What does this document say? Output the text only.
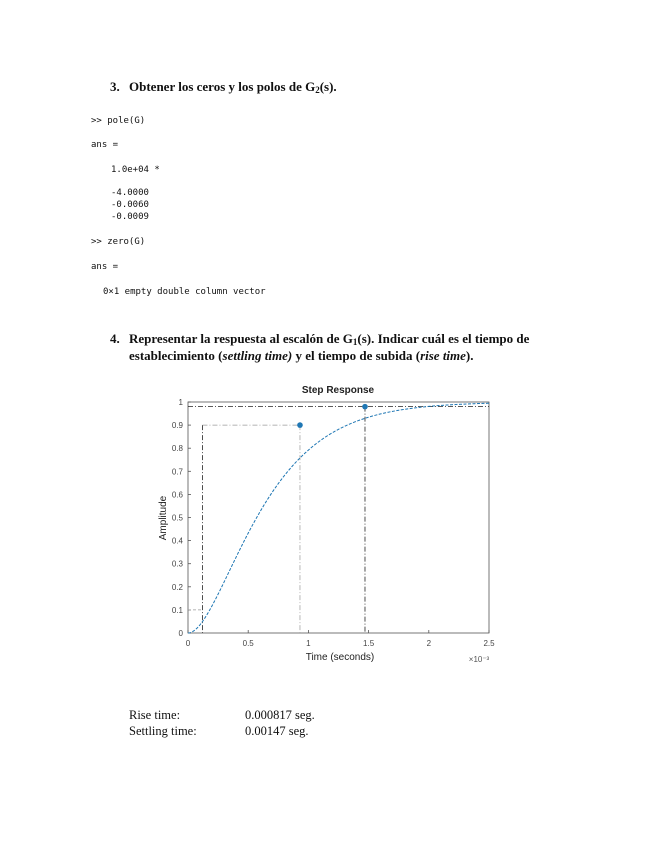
3. Obtener los ceros y los polos de $G_2(s)$.
>> pole(G)
ans =
1.0e+04 *
-4.0000
-0.0060
-0.0009
>> zero(G)
ans =
0×1 empty double column vector
4. Representar la respuesta al escalón de $G_1(s)$. Indicar cuál es el tiempo de
establecimiento (settling time) y el tiempo de subida (rise time).
Step Response
0
0.1
0.2
0.3
0.4
0.5
0.6
0.7
0.8
0.9
1
0	0.5	1	1.5	2	2.5
Time (seconds)
Amplitude
×10⁻³
Rise time:	0.000817 seg.
Settling time:	0.00147 seg.
